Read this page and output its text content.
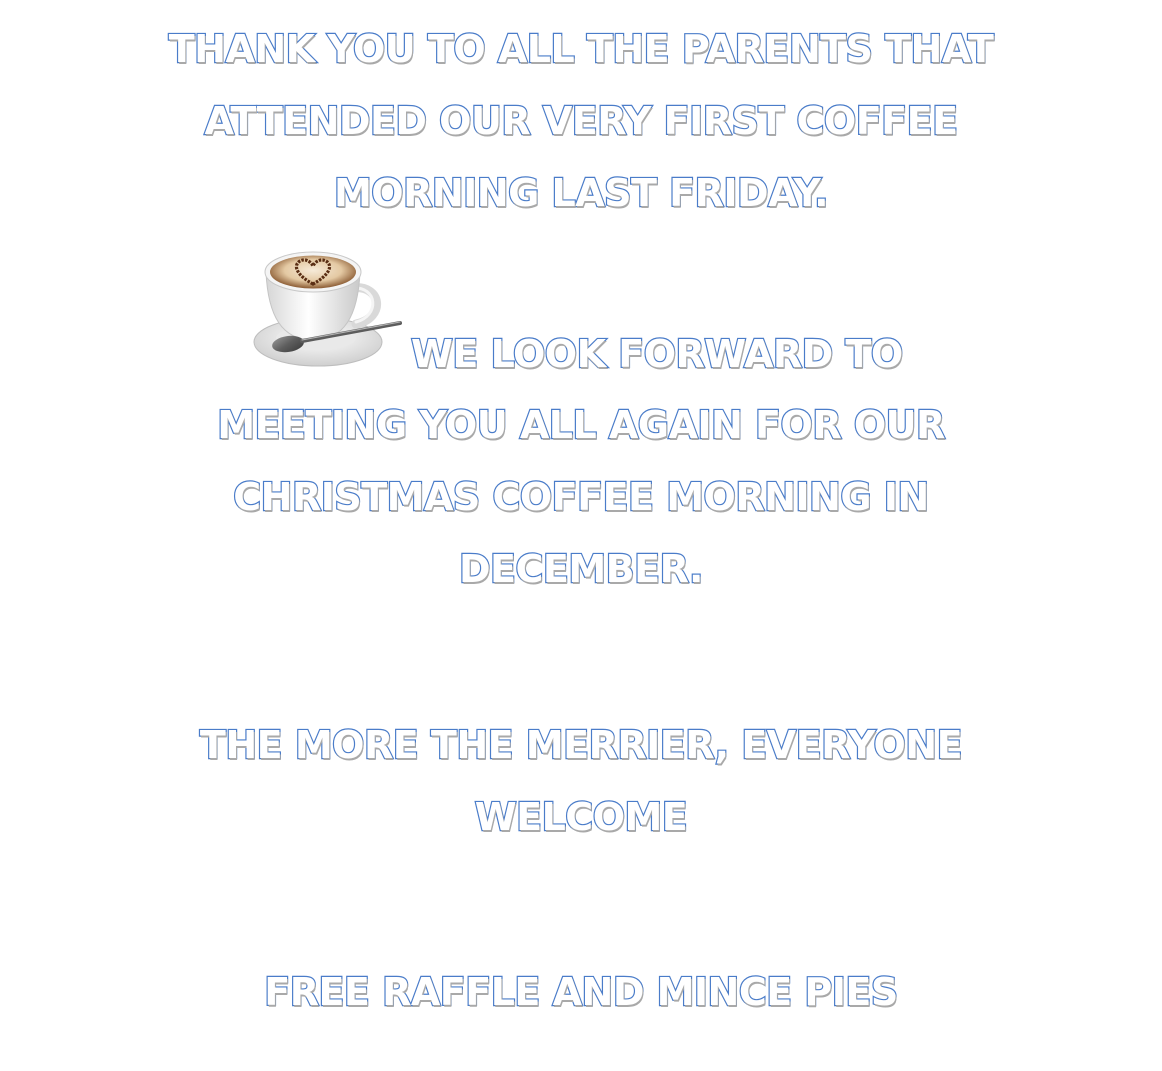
THANK YOU TO ALL THE PARENTS THAT
ATTENDED OUR VERY FIRST COFFEE
MORNING LAST FRIDAY.
WE LOOK FORWARD TO
MEETING YOU ALL AGAIN FOR OUR
CHRISTMAS COFFEE MORNING IN
DECEMBER.
THE MORE THE MERRIER, EVERYONE
WELCOME
FREE RAFFLE AND MINCE PIES
